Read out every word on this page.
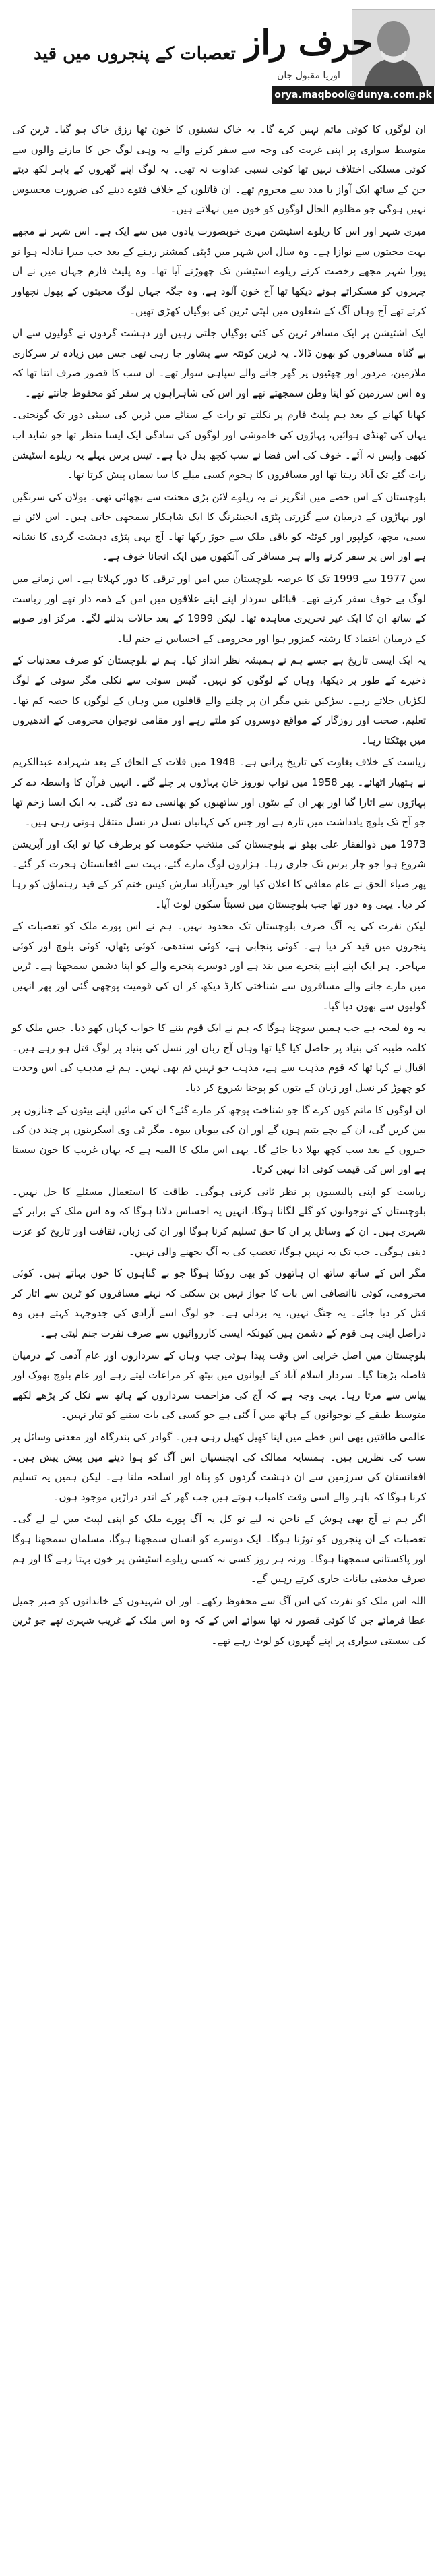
حرف راز
اوریا مقبول جان
orya.maqbool@dunya.com.pk
تعصبات کے پنجروں میں قید

ان لوگوں کا کوئی ماتم نہیں کرے گا۔ یہ خاک نشینوں کا خون تھا رزق خاک ہو گیا۔ ٹرین کی متوسط سواری پر اپنی غربت کی وجہ سے سفر کرنے والے یہ وہی لوگ جن کا مارنے والوں سے کوئی مسلکی اختلاف نہیں تھا کوئی نسبی عداوت نہ تھی۔ یہ لوگ اپنے گھروں کے باہر لکھ دیتے جن کے ساتھ ایک آواز یا مدد سے محروم تھے۔ ان قاتلوں کے خلاف فتوے دینے کی ضرورت محسوس نہیں ہوگی جو مظلوم الحال لوگوں کو خون میں نہلاتے ہیں۔

میری شہر اور اس کا ریلوے اسٹیشن میری خوبصورت یادوں میں سے ایک ہے۔ اس شہر نے مجھے بہت محبتوں سے نوازا ہے۔ وہ سال اس شہر میں ڈپٹی کمشنر رہنے کے بعد جب میرا تبادلہ ہوا تو پورا شہر مجھے رخصت کرنے ریلوے اسٹیشن تک چھوڑنے آیا تھا۔ وہ پلیٹ فارم جہاں میں نے ان چہروں کو مسکراتے ہوئے دیکھا تھا آج خون آلود ہے، وہ جگہ جہاں لوگ محبتوں کے پھول نچھاور کرتے تھے آج وہاں آگ کے شعلوں میں لپٹی ٹرین کی بوگیاں کھڑی تھیں۔

ایک اشٹیشن پر ایک مسافر ٹرین کی کئی بوگیاں جلتی رہیں اور دہشت گردوں نے گولیوں سے ان بے گناہ مسافروں کو بھون ڈالا۔ یہ ٹرین کوئٹہ سے پشاور جا رہی تھی جس میں زیادہ تر سرکاری ملازمین، مزدور اور چھٹیوں پر گھر جانے والے سپاہی سوار تھے۔ ان سب کا قصور صرف اتنا تھا کہ وہ اس سرزمین کو اپنا وطن سمجھتے تھے اور اس کی شاہراہوں پر سفر کو محفوظ جانتے تھے۔

کھانا کھانے کے بعد ہم پلیٹ فارم پر نکلتے تو رات کے سناٹے میں ٹرین کی سیٹی دور تک گونجتی۔ یہاں کی ٹھنڈی ہوائیں، پہاڑوں کی خاموشی اور لوگوں کی سادگی ایک ایسا منظر تھا جو شاید اب کبھی واپس نہ آئے۔ خوف کی اس فضا نے سب کچھ بدل دیا ہے۔ تیس برس پہلے یہ ریلوے اسٹیشن رات گئے تک آباد رہتا تھا اور مسافروں کا ہجوم کسی میلے کا سا سماں پیش کرتا تھا۔

بلوچستان کے اس حصے میں انگریز نے یہ ریلوے لائن بڑی محنت سے بچھائی تھی۔ بولان کی سرنگیں اور پہاڑوں کے درمیان سے گزرتی پٹڑی انجینئرنگ کا ایک شاہکار سمجھی جاتی ہیں۔ اس لائن نے سبی، مچھ، کولپور اور کوئٹہ کو باقی ملک سے جوڑ رکھا تھا۔ آج یہی پٹڑی دہشت گردی کا نشانہ ہے اور اس پر سفر کرنے والے ہر مسافر کی آنکھوں میں ایک انجانا خوف ہے۔

سن 1977 سے 1999 تک کا عرصہ بلوچستان میں امن اور ترقی کا دور کہلاتا ہے۔ اس زمانے میں لوگ بے خوف سفر کرتے تھے۔ قبائلی سردار اپنے اپنے علاقوں میں امن کے ذمہ دار تھے اور ریاست کے ساتھ ان کا ایک غیر تحریری معاہدہ تھا۔ لیکن 1999 کے بعد حالات بدلنے لگے۔ مرکز اور صوبے کے درمیان اعتماد کا رشتہ کمزور ہوا اور محرومی کے احساس نے جنم لیا۔

یہ ایک ایسی تاریخ ہے جسے ہم نے ہمیشہ نظر انداز کیا۔ ہم نے بلوچستان کو صرف معدنیات کے ذخیرے کے طور پر دیکھا، وہاں کے لوگوں کو نہیں۔ گیس سوئی سے نکلی مگر سوئی کے لوگ لکڑیاں جلاتے رہے۔ سڑکیں بنیں مگر ان پر چلنے والے قافلوں میں وہاں کے لوگوں کا حصہ کم تھا۔ تعلیم، صحت اور روزگار کے مواقع دوسروں کو ملتے رہے اور مقامی نوجوان محرومی کے اندھیروں میں بھٹکتا رہا۔

ریاست کے خلاف بغاوت کی تاریخ پرانی ہے۔ 1948 میں قلات کے الحاق کے بعد شہزادہ عبدالکریم نے ہتھیار اٹھائے۔ پھر 1958 میں نواب نوروز خان پہاڑوں پر چلے گئے۔ انہیں قرآن کا واسطہ دے کر پہاڑوں سے اتارا گیا اور پھر ان کے بیٹوں اور ساتھیوں کو پھانسی دے دی گئی۔ یہ ایک ایسا زخم تھا جو آج تک بلوچ یادداشت میں تازہ ہے اور جس کی کہانیاں نسل در نسل منتقل ہوتی رہی ہیں۔

1973 میں ذوالفقار علی بھٹو نے بلوچستان کی منتخب حکومت کو برطرف کیا تو ایک اور آپریشن شروع ہوا جو چار برس تک جاری رہا۔ ہزاروں لوگ مارے گئے، بہت سے افغانستان ہجرت کر گئے۔ پھر ضیاء الحق نے عام معافی کا اعلان کیا اور حیدرآباد سازش کیس ختم کر کے قید رہنماؤں کو رہا کر دیا۔ یہی وہ دور تھا جب بلوچستان میں نسبتاً سکون لوٹ آیا۔

لیکن نفرت کی یہ آگ صرف بلوچستان تک محدود نہیں۔ ہم نے اس پورے ملک کو تعصبات کے پنجروں میں قید کر دیا ہے۔ کوئی پنجابی ہے، کوئی سندھی، کوئی پٹھان، کوئی بلوچ اور کوئی مہاجر۔ ہر ایک اپنے اپنے پنجرے میں بند ہے اور دوسرے پنجرے والے کو اپنا دشمن سمجھتا ہے۔ ٹرین میں مارے جانے والے مسافروں سے شناختی کارڈ دیکھ کر ان کی قومیت پوچھی گئی اور پھر انہیں گولیوں سے بھون دیا گیا۔

یہ وہ لمحہ ہے جب ہمیں سوچنا ہوگا کہ ہم نے ایک قوم بننے کا خواب کہاں کھو دیا۔ جس ملک کو کلمہ طیبہ کی بنیاد پر حاصل کیا گیا تھا وہاں آج زبان اور نسل کی بنیاد پر لوگ قتل ہو رہے ہیں۔ اقبال نے کہا تھا کہ قوم مذہب سے ہے، مذہب جو نہیں تم بھی نہیں۔ ہم نے مذہب کی اس وحدت کو چھوڑ کر نسل اور زبان کے بتوں کو پوجنا شروع کر دیا۔

ان لوگوں کا ماتم کون کرے گا جو شناخت پوچھ کر مارے گئے؟ ان کی مائیں اپنے بیٹوں کے جنازوں پر بین کریں گی، ان کے بچے یتیم ہوں گے اور ان کی بیویاں بیوہ۔ مگر ٹی وی اسکرینوں پر چند دن کی خبروں کے بعد سب کچھ بھلا دیا جائے گا۔ یہی اس ملک کا المیہ ہے کہ یہاں غریب کا خون سستا ہے اور اس کی قیمت کوئی ادا نہیں کرتا۔

ریاست کو اپنی پالیسیوں پر نظر ثانی کرنی ہوگی۔ طاقت کا استعمال مسئلے کا حل نہیں۔ بلوچستان کے نوجوانوں کو گلے لگانا ہوگا، انہیں یہ احساس دلانا ہوگا کہ وہ اس ملک کے برابر کے شہری ہیں۔ ان کے وسائل پر ان کا حق تسلیم کرنا ہوگا اور ان کی زبان، ثقافت اور تاریخ کو عزت دینی ہوگی۔ جب تک یہ نہیں ہوگا، تعصب کی یہ آگ بجھنے والی نہیں۔

مگر اس کے ساتھ ساتھ ان ہاتھوں کو بھی روکنا ہوگا جو بے گناہوں کا خون بہاتے ہیں۔ کوئی محرومی، کوئی ناانصافی اس بات کا جواز نہیں بن سکتی کہ نہتے مسافروں کو ٹرین سے اتار کر قتل کر دیا جائے۔ یہ جنگ نہیں، یہ بزدلی ہے۔ جو لوگ اسے آزادی کی جدوجہد کہتے ہیں وہ دراصل اپنی ہی قوم کے دشمن ہیں کیونکہ ایسی کارروائیوں سے صرف نفرت جنم لیتی ہے۔

بلوچستان میں اصل خرابی اس وقت پیدا ہوئی جب وہاں کے سرداروں اور عام آدمی کے درمیان فاصلہ بڑھتا گیا۔ سردار اسلام آباد کے ایوانوں میں بیٹھ کر مراعات لیتے رہے اور عام بلوچ بھوک اور پیاس سے مرتا رہا۔ یہی وجہ ہے کہ آج کی مزاحمت سرداروں کے ہاتھ سے نکل کر پڑھے لکھے متوسط طبقے کے نوجوانوں کے ہاتھ میں آ گئی ہے جو کسی کی بات سننے کو تیار نہیں۔

عالمی طاقتیں بھی اس خطے میں اپنا کھیل کھیل رہی ہیں۔ گوادر کی بندرگاہ اور معدنی وسائل پر سب کی نظریں ہیں۔ ہمسایہ ممالک کی ایجنسیاں اس آگ کو ہوا دینے میں پیش پیش ہیں۔ افغانستان کی سرزمین سے ان دہشت گردوں کو پناہ اور اسلحہ ملتا ہے۔ لیکن ہمیں یہ تسلیم کرنا ہوگا کہ باہر والے اسی وقت کامیاب ہوتے ہیں جب گھر کے اندر دراڑیں موجود ہوں۔

اگر ہم نے آج بھی ہوش کے ناخن نہ لیے تو کل یہ آگ پورے ملک کو اپنی لپیٹ میں لے لے گی۔ تعصبات کے ان پنجروں کو توڑنا ہوگا۔ ایک دوسرے کو انسان سمجھنا ہوگا، مسلمان سمجھنا ہوگا اور پاکستانی سمجھنا ہوگا۔ ورنہ ہر روز کسی نہ کسی ریلوے اسٹیشن پر خون بہتا رہے گا اور ہم صرف مذمتی بیانات جاری کرتے رہیں گے۔

اللہ اس ملک کو نفرت کی اس آگ سے محفوظ رکھے۔ اور ان شہیدوں کے خاندانوں کو صبر جمیل عطا فرمائے جن کا کوئی قصور نہ تھا سوائے اس کے کہ وہ اس ملک کے غریب شہری تھے جو ٹرین کی سستی سواری پر اپنے گھروں کو لوٹ رہے تھے۔
